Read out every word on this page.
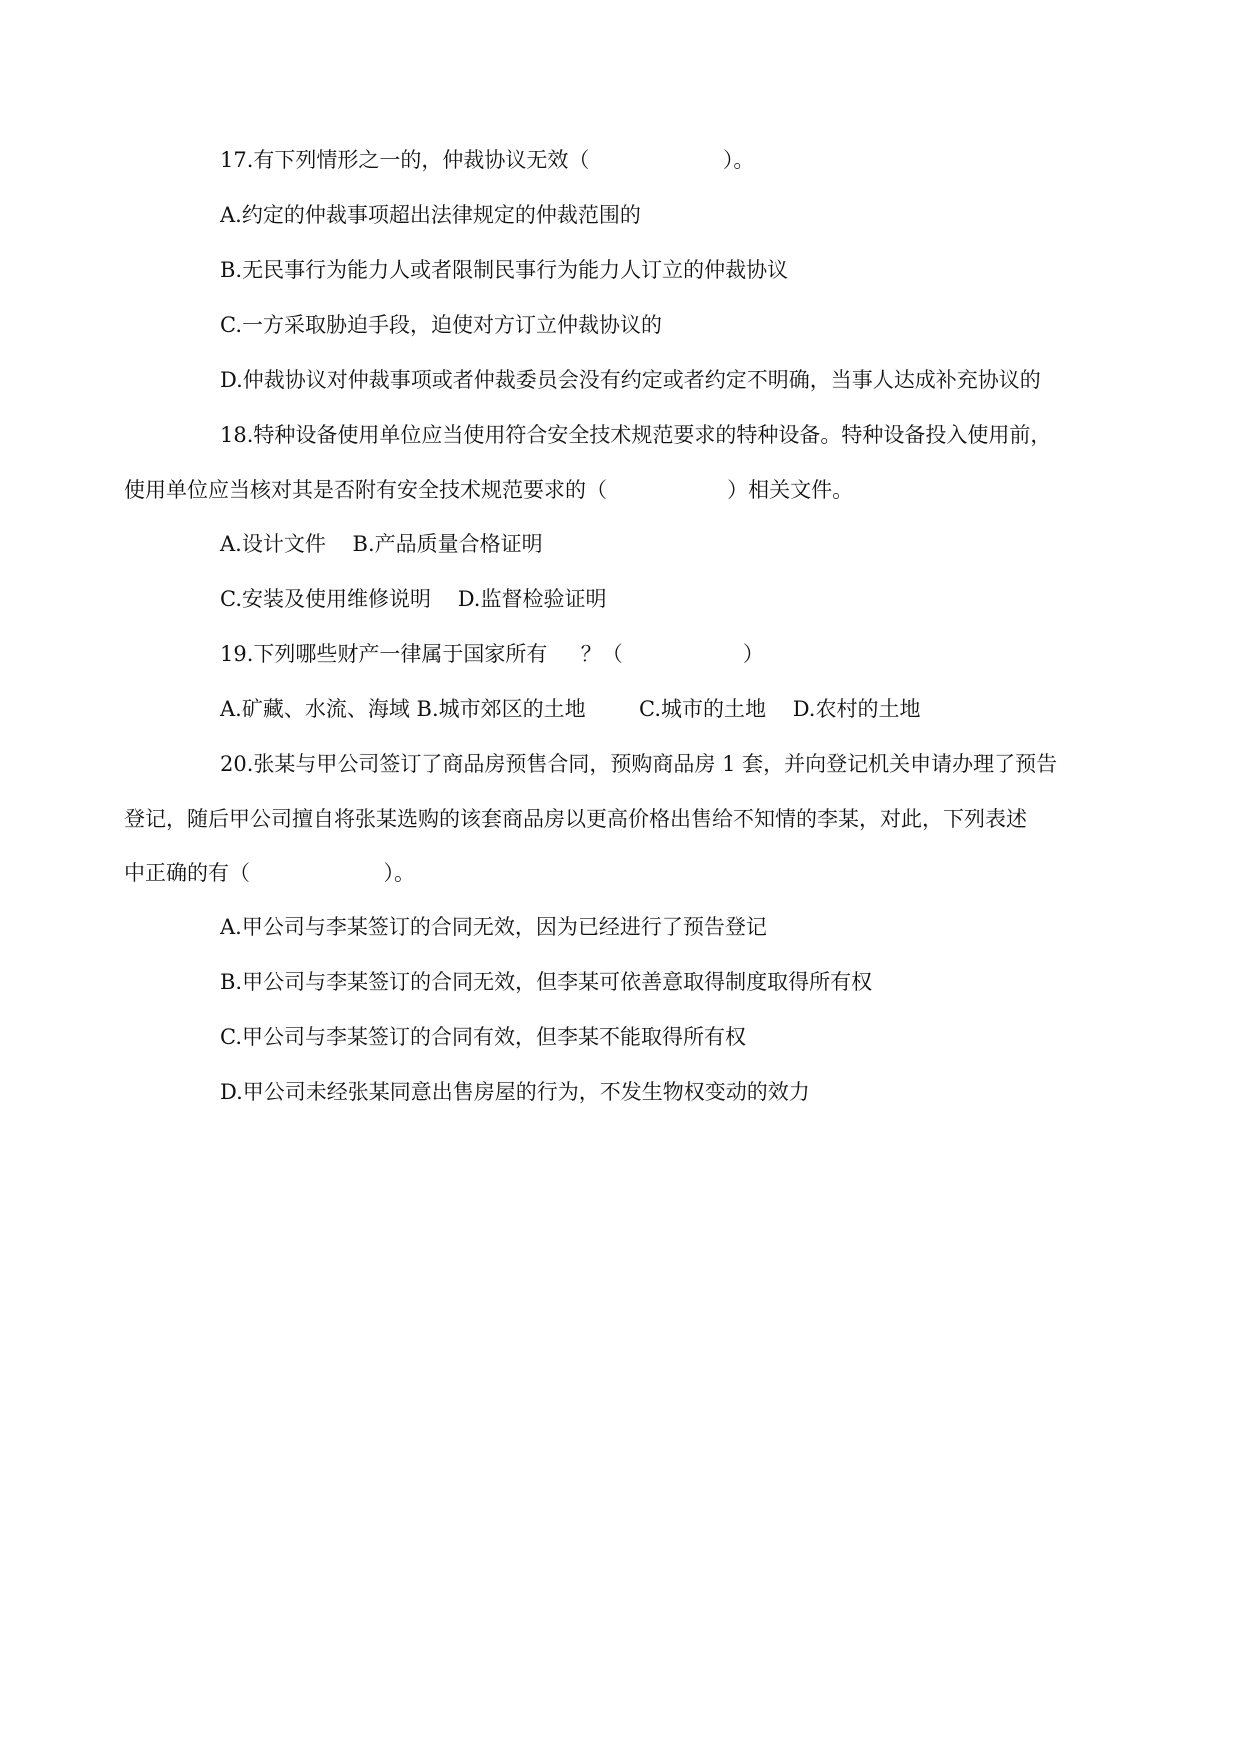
17.有下列情形之一的，仲裁协议无效（                    ）。
A.约定的仲裁事项超出法律规定的仲裁范围的
B.无民事行为能力人或者限制民事行为能力人订立的仲裁协议
C.一方采取胁迫手段，迫使对方订立仲裁协议的
D.仲裁协议对仲裁事项或者仲裁委员会没有约定或者约定不明确，当事人达成补充协议的
18.特种设备使用单位应当使用符合安全技术规范要求的特种设备。特种设备投入使用前，
使用单位应当核对其是否附有安全技术规范要求的（                  ）相关文件。
A.设计文件    B.产品质量合格证明
C.安装及使用维修说明    D.监督检验证明
19.下列哪些财产一律属于国家所有     ？（                  ）
A.矿藏、水流、海域 B.城市郊区的土地        C.城市的土地    D.农村的土地
20.张某与甲公司签订了商品房预售合同，预购商品房 1 套，并向登记机关申请办理了预告
登记，随后甲公司擅自将张某选购的该套商品房以更高价格出售给不知情的李某，对此，下列表述
中正确的有（                    ）。
A.甲公司与李某签订的合同无效，因为已经进行了预告登记
B.甲公司与李某签订的合同无效，但李某可依善意取得制度取得所有权
C.甲公司与李某签订的合同有效，但李某不能取得所有权
D.甲公司未经张某同意出售房屋的行为，不发生物权变动的效力
